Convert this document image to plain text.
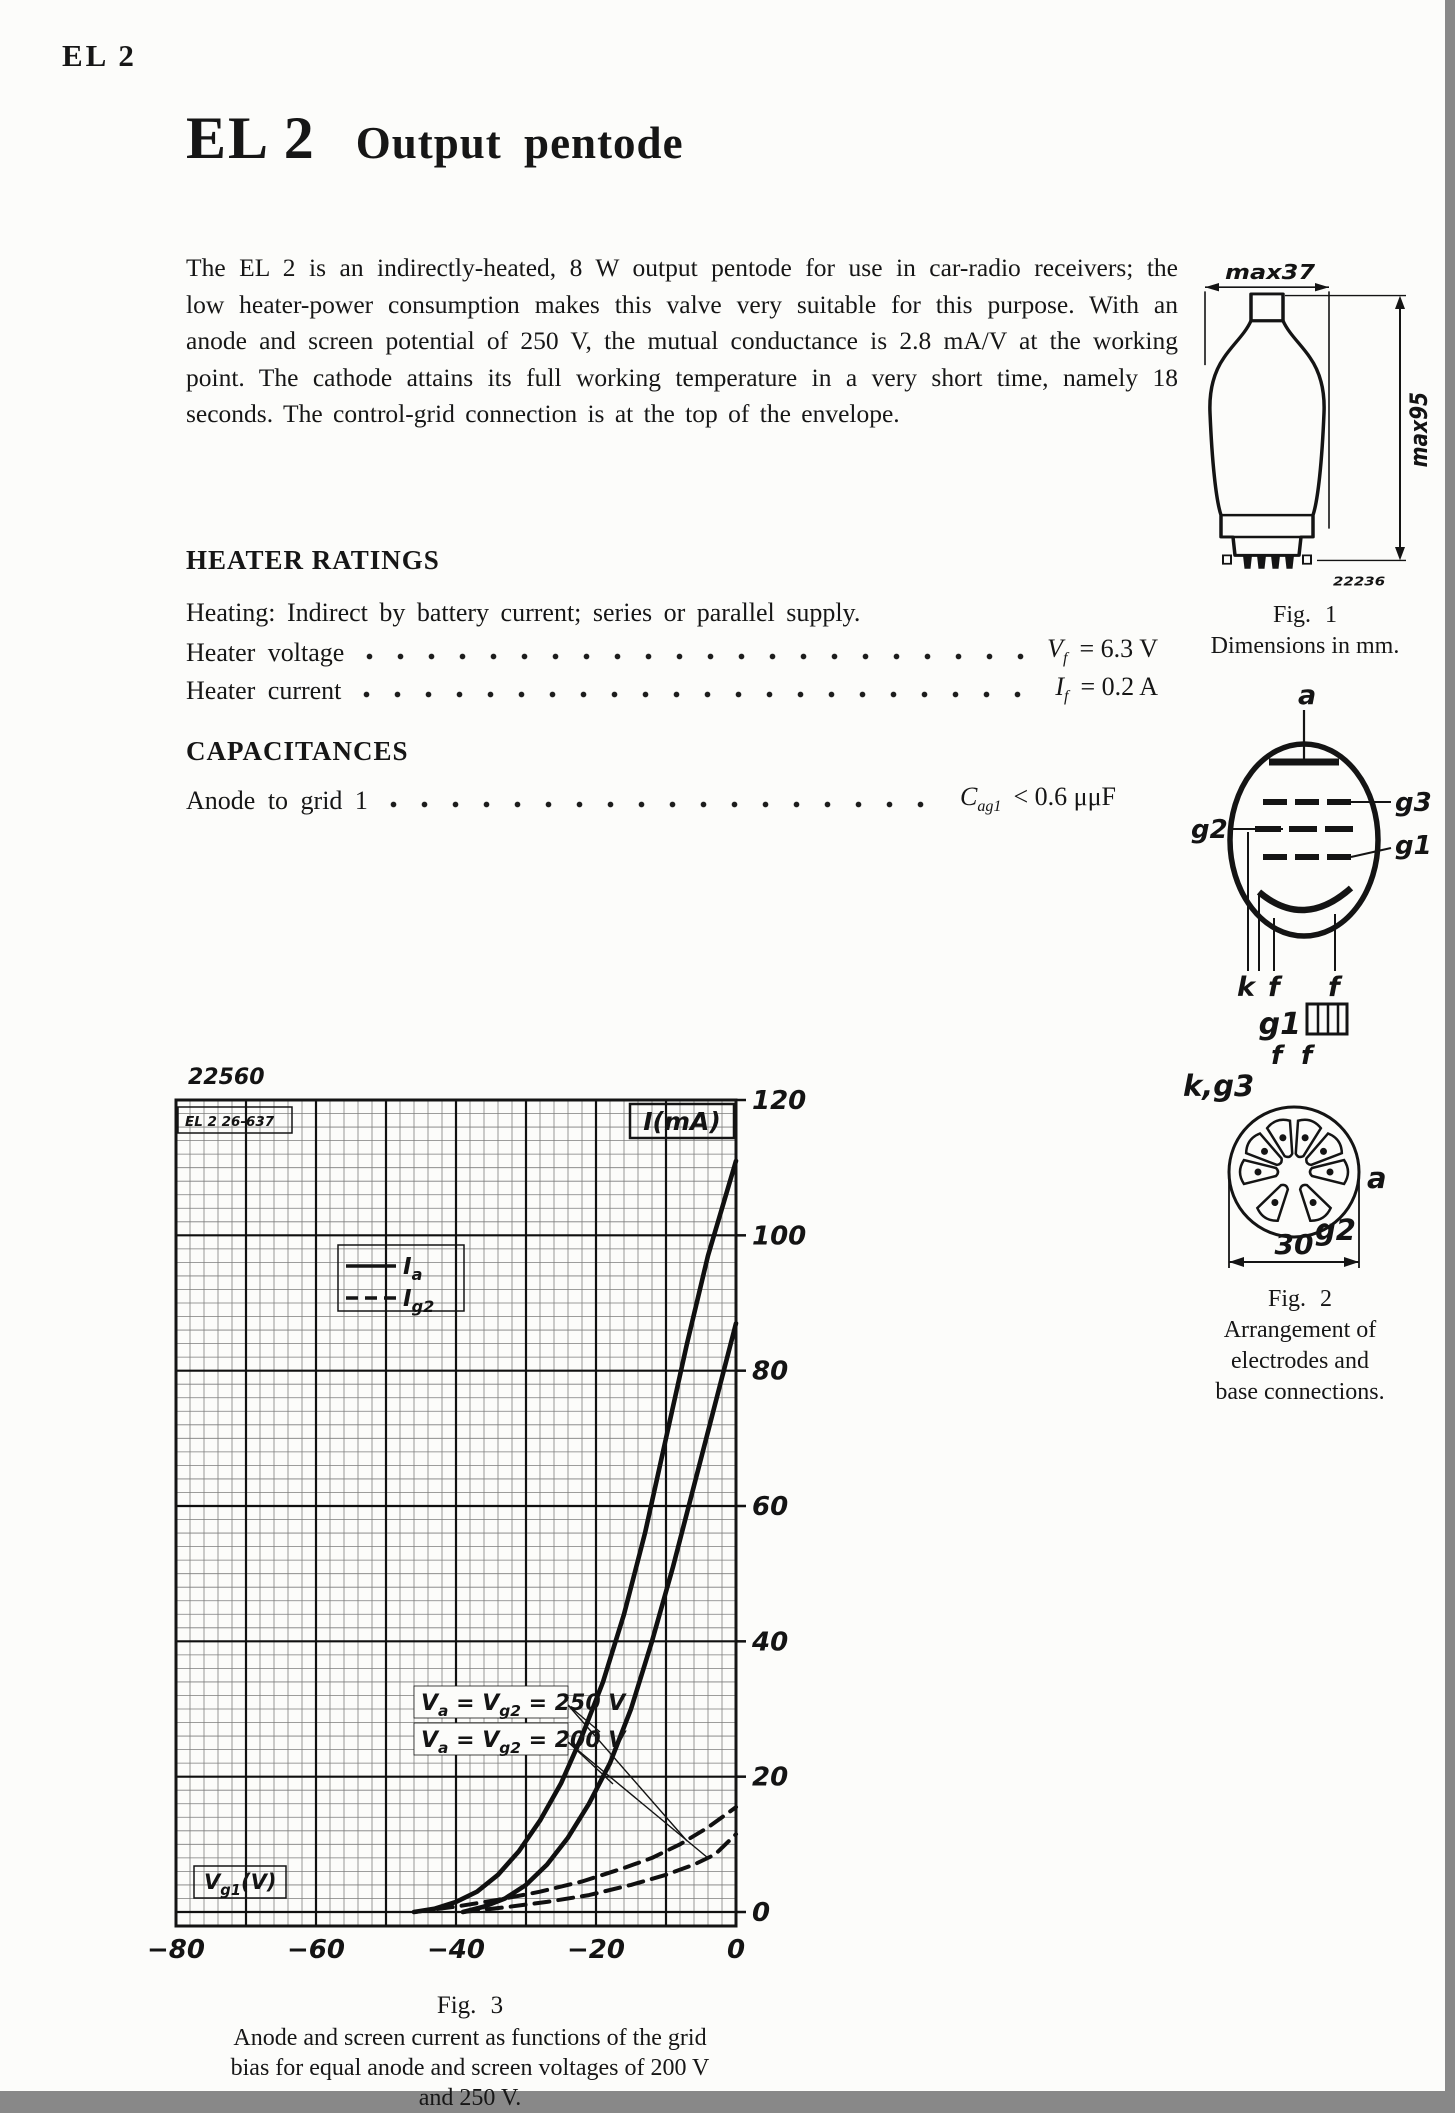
EL 2
EL 2 Output pentode
The EL 2 is an indirectly-heated, 8 W output pentode for use in car-radio receivers; the low heater-power consumption makes this valve very suitable for this purpose. With an anode and screen potential of 250 V, the mutual conductance is 2.8 mA/V at the working point. The cathode attains its full working temperature in a very short time, namely 18 seconds. The control-grid connection is at the top of the envelope.
HEATER RATINGS
Heating: Indirect by battery current; series or parallel supply.
Heater voltage	$V_f = 6.3$ V
Heater current	$I_f = 0.2$ A
CAPACITANCES
Anode to grid 1	$C_{ag1} < 0.6$ μμF
max37
max95
22236
Fig. 1
Dimensions in mm.
a
g2
g3
g1
k f f
g1
f f
k,g3
a
g2
30
Fig. 2
Arrangement of
electrodes and
base connections.
22560
0
20
40
60
80
100
120
−80	−60	−40	−20	0
EL 2 26-637	I(mA)
$V_{g1}(V)$
$I_a$
$I_{g2}$
$V_a = V_{g2} = 250$ V
$V_a = V_{g2} = 200$ V
Fig. 3
Anode and screen current as functions of the grid
bias for equal anode and screen voltages of 200 V
and 250 V.
